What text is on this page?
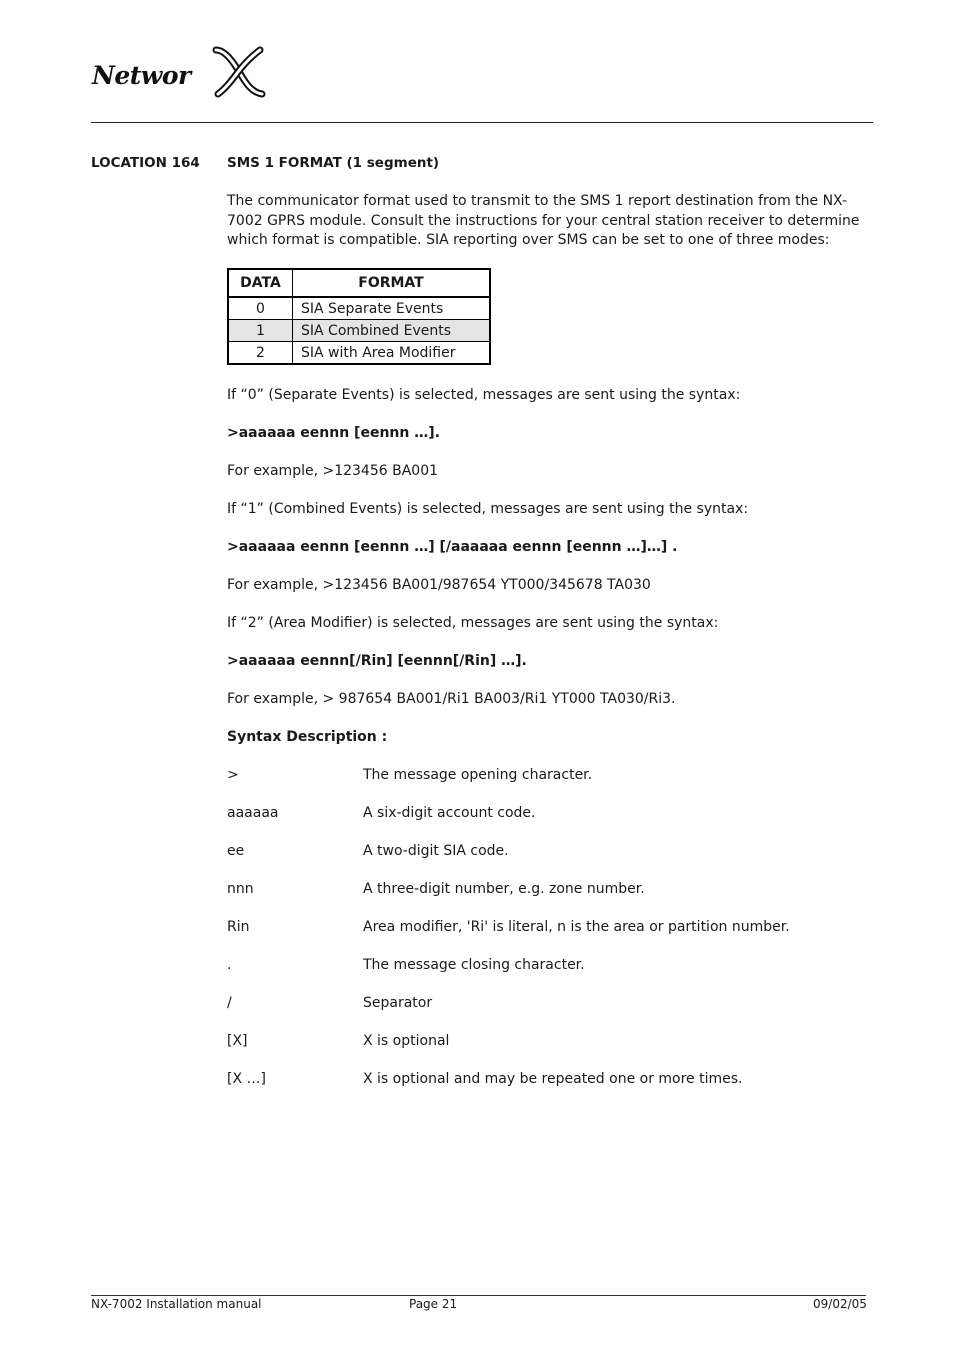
Networ
LOCATION 164 SMS 1 FORMAT (1 segment)
The communicator format used to transmit to the SMS 1 report destination from the NX-7002 GPRS module. Consult the instructions for your central station receiver to determine which format is compatible. SIA reporting over SMS can be set to one of three modes:
DATA	FORMAT
0	SIA Separate Events
1	SIA Combined Events
2	SIA with Area Modifier
If “0” (Separate Events) is selected, messages are sent using the syntax:
>aaaaaa eennn [eennn …].
For example, >123456 BA001
If “1” (Combined Events) is selected, messages are sent using the syntax:
>aaaaaa eennn [eennn …] [/aaaaaa eennn [eennn …]…] .
For example, >123456 BA001/987654 YT000/345678 TA030
If “2” (Area Modifier) is selected, messages are sent using the syntax:
>aaaaaa eennn[/Rin] [eennn[/Rin] …].
For example, > 987654 BA001/Ri1 BA003/Ri1 YT000 TA030/Ri3.
Syntax Description :
>	The message opening character.
aaaaaa	A six-digit account code.
ee	A two-digit SIA code.
nnn	A three-digit number, e.g. zone number.
Rin	Area modifier, 'Ri' is literal, n is the area or partition number.
.	The message closing character.
/	Separator
[X]	X is optional
[X …]	X is optional and may be repeated one or more times.
NX-7002 Installation manual	Page 21	09/02/05
